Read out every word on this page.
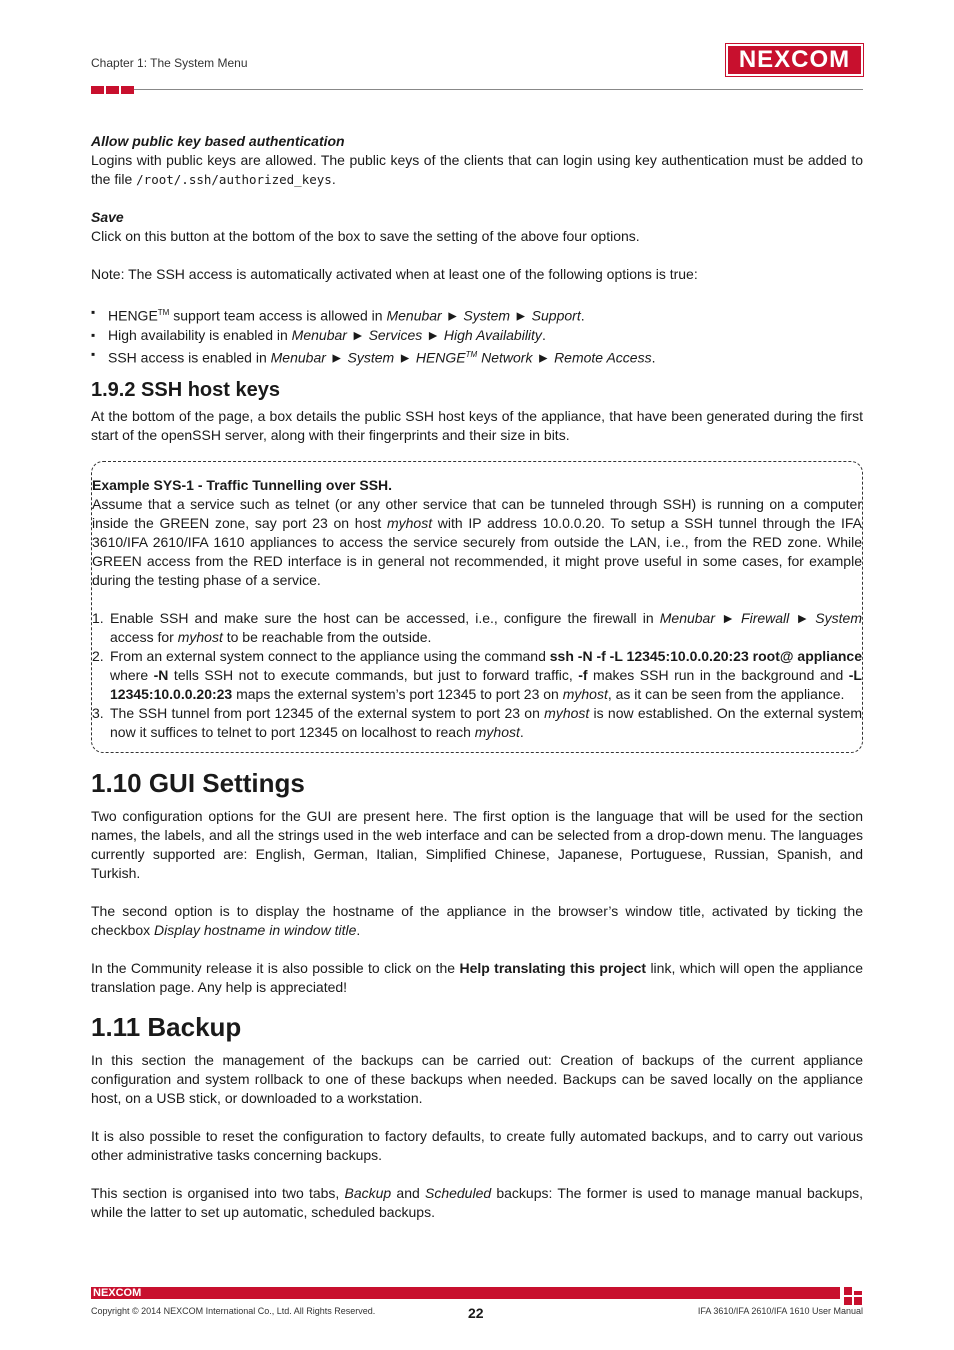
Chapter 1: The System Menu	NEXCOM

Allow public key based authentication

Logins with public keys are allowed. The public keys of the clients that can login using key authentication must be added to the file /root/.ssh/authorized_keys.

Save

Click on this button at the bottom of the box to save the setting of the above four options.

Note: The SSH access is automatically activated when at least one of the following options is true:

▪ HENGE™ support team access is allowed in Menubar ► System ► Support.
▪ High availability is enabled in Menubar ► Services ► High Availability.
▪ SSH access is enabled in Menubar ► System ► HENGE™ Network ► Remote Access.
1.9.2 SSH host keys

At the bottom of the page, a box details the public SSH host keys of the appliance, that have been generated during the first start of the openSSH server, along with their fingerprints and their size in bits.

Example SYS-1 - Traffic Tunnelling over SSH.

Assume that a service such as telnet (or any other service that can be tunneled through SSH) is running on a computer inside the GREEN zone, say port 23 on host myhost with IP address 10.0.0.20. To setup a SSH tunnel through the IFA 3610/IFA 2610/IFA 1610 appliances to access the service securely from outside the LAN, i.e., from the RED zone. While GREEN access from the RED interface is in general not recommended, it might prove useful in some cases, for example during the testing phase of a service.

1. Enable SSH and make sure the host can be accessed, i.e., configure the firewall in Menubar ► Firewall ► System access for myhost to be reachable from the outside.
2. From an external system connect to the appliance using the command ssh -N -f -L 12345:10.0.0.20:23 root@ appliance where -N tells SSH not to execute commands, but just to forward traffic, -f makes SSH run in the background and -L 12345:10.0.0.20:23 maps the external system’s port 12345 to port 23 on myhost, as it can be seen from the appliance.
3. The SSH tunnel from port 12345 of the external system to port 23 on myhost is now established. On the external system now it suffices to telnet to port 12345 on localhost to reach myhost.
1.10 GUI Settings

Two configuration options for the GUI are present here. The first option is the language that will be used for the section names, the labels, and all the strings used in the web interface and can be selected from a drop-down menu. The languages currently supported are: English, German, Italian, Simplified Chinese, Japanese, Portuguese, Russian, Spanish, and Turkish.

The second option is to display the hostname of the appliance in the browser’s window title, activated by ticking the checkbox Display hostname in window title.

In the Community release it is also possible to click on the Help translating this project link, which will open the appliance translation page. Any help is appreciated!

1.11 Backup

In this section the management of the backups can be carried out: Creation of backups of the current appliance configuration and system rollback to one of these backups when needed. Backups can be saved locally on the appliance host, on a USB stick, or downloaded to a workstation.

It is also possible to reset the configuration to factory defaults, to create fully automated backups, and to carry out various other administrative tasks concerning backups.

This section is organised into two tabs, Backup and Scheduled backups: The former is used to manage manual backups, while the latter to set up automatic, scheduled backups.

NEXCOM
Copyright © 2014 NEXCOM International Co., Ltd. All Rights Reserved.	22	IFA 3610/IFA 2610/IFA 1610 User Manual
